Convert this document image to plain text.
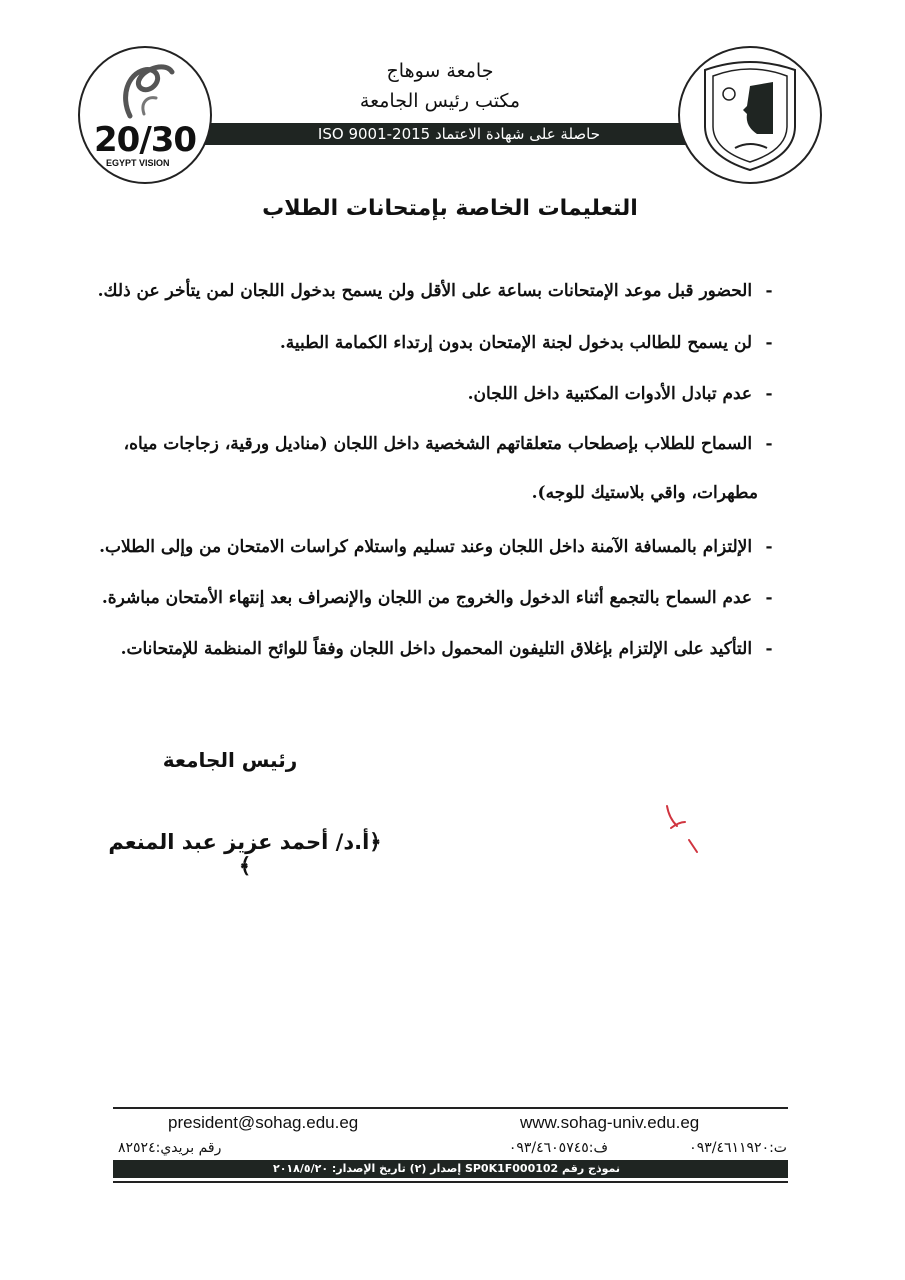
حاصلة على شهادة الاعتماد ISO 9001-2015
جامعة سوهاج
مكتب رئيس الجامعة
20/30
EGYPT VISION
التعليمات الخاصة بإمتحانات الطلاب
- الحضور قبل موعد الإمتحانات بساعة على الأقل ولن يسمح بدخول اللجان لمن يتأخر عن ذلك.
- لن يسمح للطالب بدخول لجنة الإمتحان بدون إرتداء الكمامة الطبية.
- عدم تبادل الأدوات المكتبية داخل اللجان.
- السماح للطلاب بإصطحاب متعلقاتهم الشخصية داخل اللجان (مناديل ورقية، زجاجات مياه،
مطهرات، واقي بلاستيك للوجه).
- الإلتزام بالمسافة الآمنة داخل اللجان وعند تسليم واستلام كراسات الامتحان من وإلى الطلاب.
- عدم السماح بالتجمع أثناء الدخول والخروج من اللجان والإنصراف بعد إنتهاء الأمتحان مباشرة.
- التأكيد على الإلتزام بإغلاق التليفون المحمول داخل اللجان وفقاً للوائح المنظمة للإمتحانات.
رئيس الجامعة
﴿أ.د/ أحمد عزيز عبد المنعم ﴾
president@sohag.edu.eg	www.sohag-univ.edu.eg
ت:٠٩٣/٤٦١١٩٢٠
ف:٠٩٣/٤٦٠٥٧٤٥
رقم بريدي:٨٢٥٢٤
نموذج رقم SP0K1F000102 إصدار (٢) تاريخ الإصدار: ٢٠١٨/٥/٢٠
